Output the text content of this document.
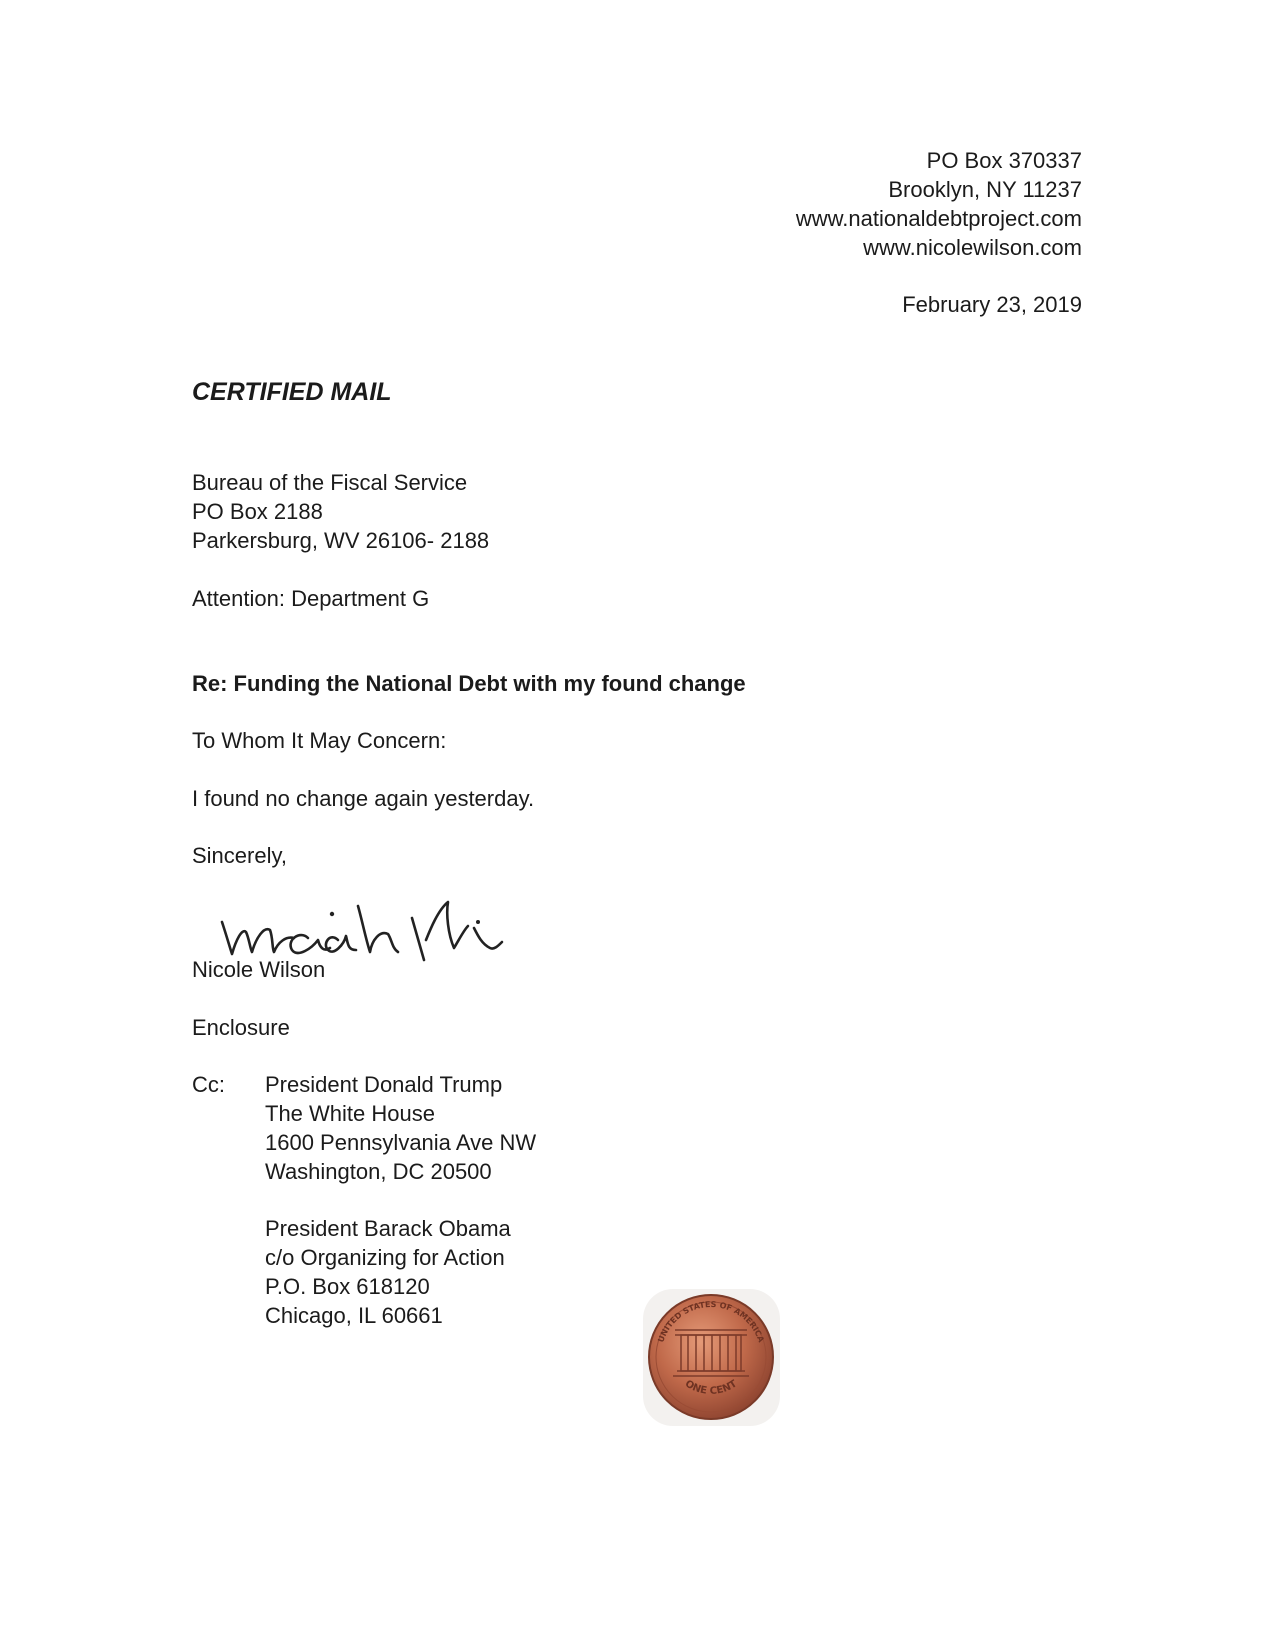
PO Box 370337
Brooklyn, NY 11237
www.nationaldebtproject.com
www.nicolewilson.com
February 23, 2019
CERTIFIED MAIL
Bureau of the Fiscal Service
PO Box 2188
Parkersburg, WV 26106- 2188
Attention: Department G
Re: Funding the National Debt with my found change
To Whom It May Concern:
I found no change again yesterday.
Sincerely,
Nicole Wilson
Enclosure
Cc: President Donald Trump
The White House
1600 Pennsylvania Ave NW
Washington, DC 20500
President Barack Obama
c/o Organizing for Action
P.O. Box 618120
Chicago, IL 60661
UNITED STATES OF AMERICA
ONE CENT
